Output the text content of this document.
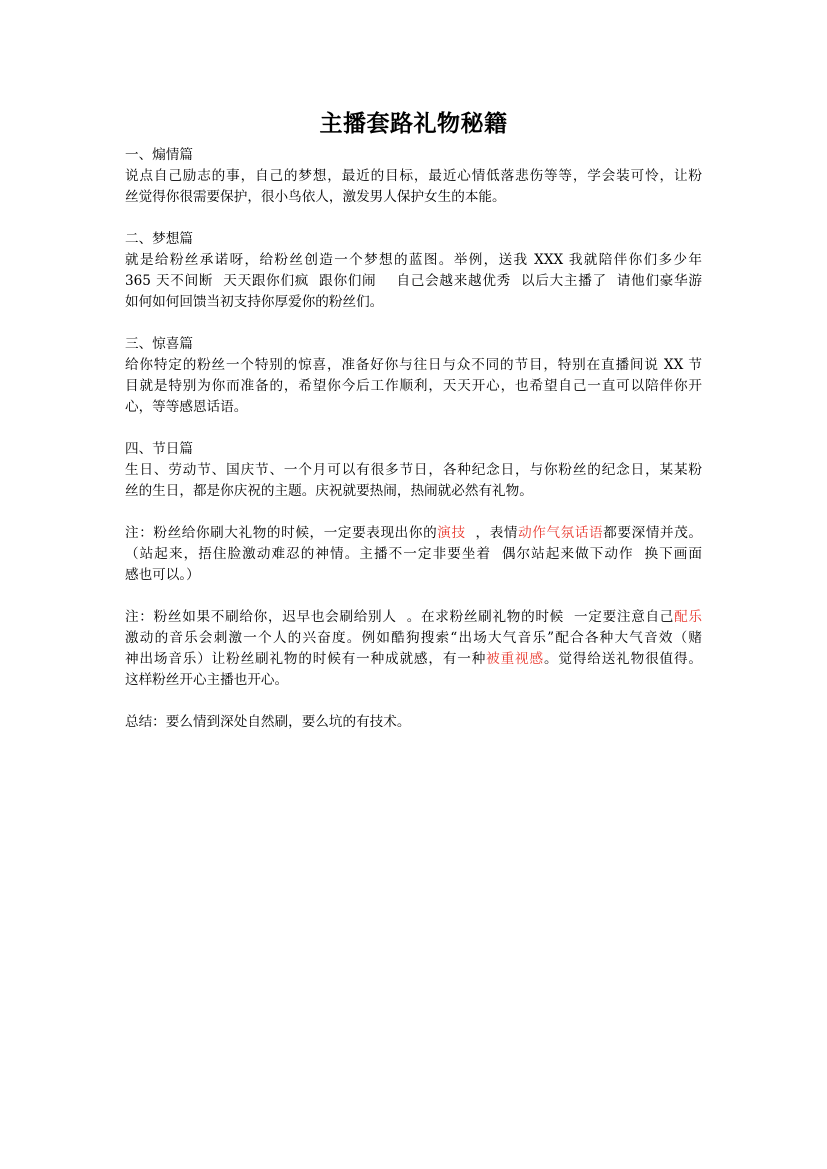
主播套路礼物秘籍
一、煽情篇
说点自己励志的事，自己的梦想，最近的目标，最近心情低落悲伤等等，学会装可怜，让粉
丝觉得你很需要保护，很小鸟依人，激发男人保护女生的本能。
二、梦想篇
就是给粉丝承诺呀，给粉丝创造一个梦想的蓝图。举例，送我 XXX 我就陪伴你们多少年
365 天不间断  天天跟你们疯  跟你们闹    自己会越来越优秀  以后大主播了  请他们豪华游
如何如何回馈当初支持你厚爱你的粉丝们。
三、惊喜篇
给你特定的粉丝一个特别的惊喜，准备好你与往日与众不同的节目，特别在直播间说 XX 节
目就是特别为你而准备的，希望你今后工作顺利，天天开心，也希望自己一直可以陪伴你开
心，等等感恩话语。
四、节日篇
生日、劳动节、国庆节、一个月可以有很多节日，各种纪念日，与你粉丝的纪念日，某某粉
丝的生日，都是你庆祝的主题。庆祝就要热闹，热闹就必然有礼物。
注：粉丝给你刷大礼物的时候，一定要表现出你的演技  ，表情动作气氛话语都要深情并茂。
（站起来，捂住脸激动难忍的神情。主播不一定非要坐着  偶尔站起来做下动作  换下画面
感也可以。）
注：粉丝如果不刷给你，迟早也会刷给别人  。在求粉丝刷礼物的时候  一定要注意自己配乐
激动的音乐会刺激一个人的兴奋度。例如酷狗搜索“出场大气音乐”配合各种大气音效（赌
神出场音乐）让粉丝刷礼物的时候有一种成就感，有一种被重视感。觉得给送礼物很值得。
这样粉丝开心主播也开心。
总结：要么情到深处自然刷，要么坑的有技术。
